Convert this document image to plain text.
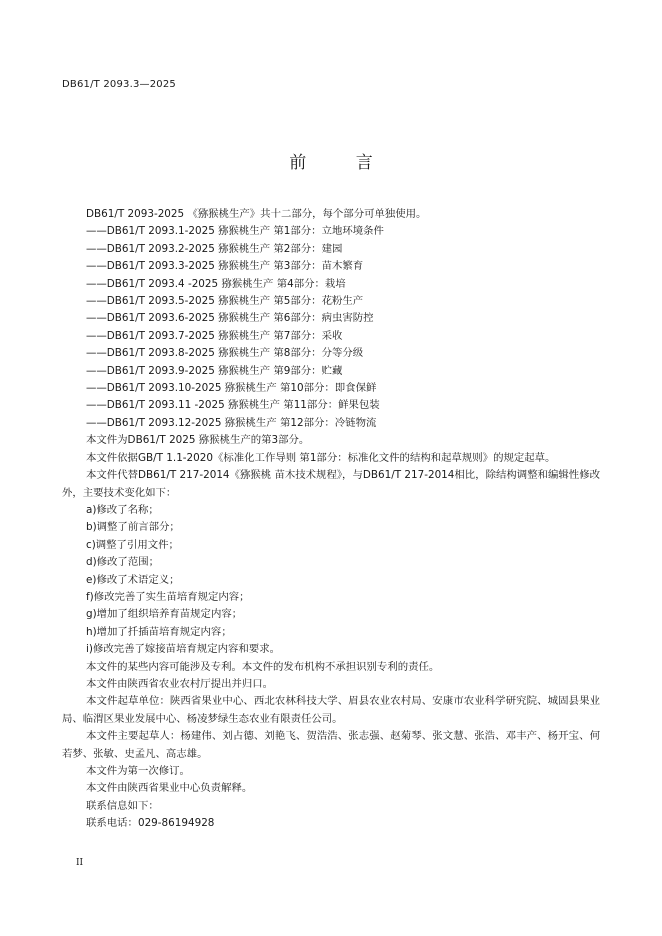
DB61/T 2093.3—2025
前 言

DB61/T 2093-2025 《猕猴桃生产》共十二部分，每个部分可单独使用。

——DB61/T 2093.1-2025 猕猴桃生产 第1部分：立地环境条件

——DB61/T 2093.2-2025 猕猴桃生产 第2部分：建园

——DB61/T 2093.3-2025 猕猴桃生产 第3部分：苗木繁育

——DB61/T 2093.4 -2025 猕猴桃生产 第4部分：栽培

——DB61/T 2093.5-2025 猕猴桃生产 第5部分：花粉生产

——DB61/T 2093.6-2025 猕猴桃生产 第6部分：病虫害防控

——DB61/T 2093.7-2025 猕猴桃生产 第7部分：采收

——DB61/T 2093.8-2025 猕猴桃生产 第8部分：分等分级

——DB61/T 2093.9-2025 猕猴桃生产 第9部分：贮藏

——DB61/T 2093.10-2025 猕猴桃生产 第10部分：即食保鲜

——DB61/T 2093.11 -2025 猕猴桃生产 第11部分：鲜果包装

——DB61/T 2093.12-2025 猕猴桃生产 第12部分：冷链物流

本文件为DB61/T 2025 猕猴桃生产的第3部分。

本文件依据GB/T 1.1-2020《标准化工作导则 第1部分：标准化文件的结构和起草规则》的规定起草。

本文件代替DB61/T 217-2014《猕猴桃 苗木技术规程》，与DB61/T 217-2014相比，除结构调整和编辑性修改外，主要技术变化如下：

a)修改了名称；

b)调整了前言部分；

c)调整了引用文件；

d)修改了范围；

e)修改了术语定义；

f)修改完善了实生苗培育规定内容；

g)增加了组织培养育苗规定内容；

h)增加了扦插苗培育规定内容；

i)修改完善了嫁接苗培育规定内容和要求。

本文件的某些内容可能涉及专利。本文件的发布机构不承担识别专利的责任。

本文件由陕西省农业农村厅提出并归口。

本文件起草单位：陕西省果业中心、西北农林科技大学、眉县农业农村局、安康市农业科学研究院、城固县果业局、临渭区果业发展中心、杨凌梦绿生态农业有限责任公司。

本文件主要起草人：杨建伟、刘占德、刘艳飞、贺浩浩、张志强、赵菊琴、张文慧、张浩、邓丰产、杨开宝、何若梦、张敏、史孟凡、高志雄。

本文件为第一次修订。

本文件由陕西省果业中心负责解释。

联系信息如下：

联系电话：029-86194928

II
